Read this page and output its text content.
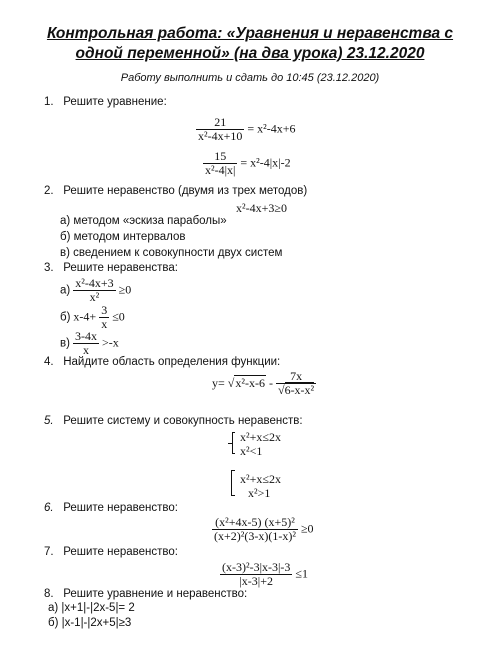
Контрольная работа: «Уравнения и неравенства с одной переменной» (на два урока) 23.12.2020
Работу выполнить и сдать до 10:45 (23.12.2020)
1. Решите уравнение:
$\frac{21}{\text{x²-4x+10}} = x^2-4x+6$
$\frac{15}{\text{x²-4|x|}} = x^2-4|x|-2$
2. Решите неравенство (двумя из трех методов)
x²-4x+3≥0
а) методом «эскиза параболы»
б) методом интервалов
в) сведением к совокупности двух систем
3. Решите неравенства:
$а) \frac{\text{x²-4x+3}}{\text{x²}} \ge 0$
б) $x-4+ \frac{3}{x} \le 0$
$в) \frac{3-4x}{x} >-x$
4. Найдите область определения функции:
$y= √x^2-x-6 - \frac{7x}{\text{√6-x-x²}}$
5. Решите систему и совокупность неравенств:
x²+x≤2x
x²<1
x²+x≤2x
x²>1
6. Решите неравенство:
$\frac{\text{(x²+4x-5) (x+5)²}}{\text{(x+2)²(3-x)(1-x)²}} \ge 0$
7. Решите неравенство:
$\frac{\text{(x-3)²-3|x-3|-3}}{|x-3|+2} \le 1$
8. Решите уравнение и неравенство:
а) |x+1|-|2x-5|= 2
б) |x-1|-|2x+5|≥3
